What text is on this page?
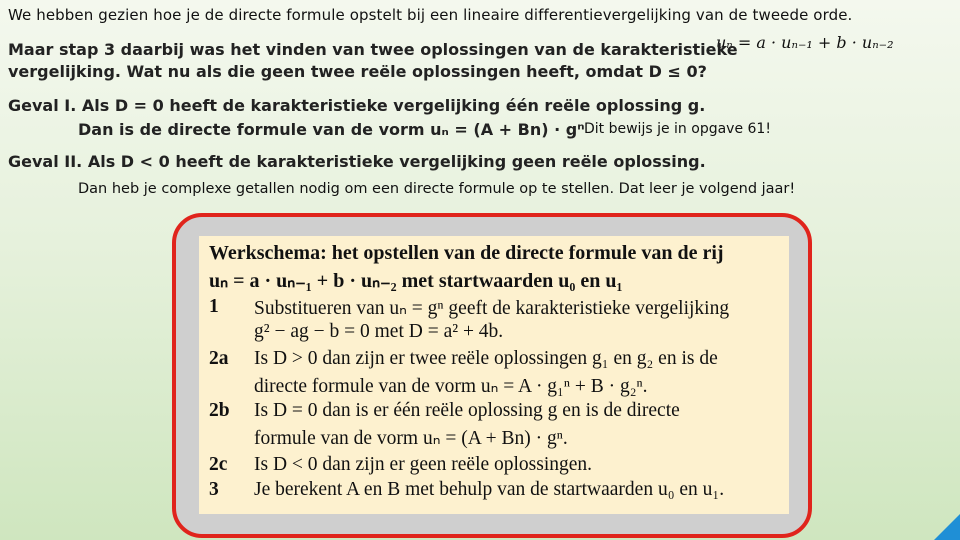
We hebben gezien hoe je de directe formule opstelt bij een lineaire differentievergelijking van de tweede orde.
uₙ = a · uₙ₋₁ + b · uₙ₋₂
Maar stap 3 daarbij was het vinden van twee oplossingen van de karakteristieke
vergelijking. Wat nu als die geen twee reële oplossingen heeft, omdat D ≤ 0?
Geval I. Als D = 0 heeft de karakteristieke vergelijking één reële oplossing g.
Dan is de directe formule van de vorm uₙ = (A + Bn) · gⁿ Dit bewijs je in opgave 61!
Geval II. Als D < 0 heeft de karakteristieke vergelijking geen reële oplossing.
Dan heb je complexe getallen nodig om een directe formule op te stellen. Dat leer je volgend jaar!
Werkschema: het opstellen van de directe formule van de rij
uₙ = a · uₙ₋₁ + b · uₙ₋₂ met startwaarden u₀ en u₁
1 Substitueren van uₙ = gⁿ geeft de karakteristieke vergelijking
g² − ag − b = 0 met D = a² + 4b.
2a Is D > 0 dan zijn er twee reële oplossingen g₁ en g₂ en is de
directe formule van de vorm uₙ = A · g₁ⁿ + B · g₂ⁿ.
2b Is D = 0 dan is er één reële oplossing g en is de directe
formule van de vorm uₙ = (A + Bn) · gⁿ.
2c Is D < 0 dan zijn er geen reële oplossingen.
3 Je berekent A en B met behulp van de startwaarden u₀ en u₁.
